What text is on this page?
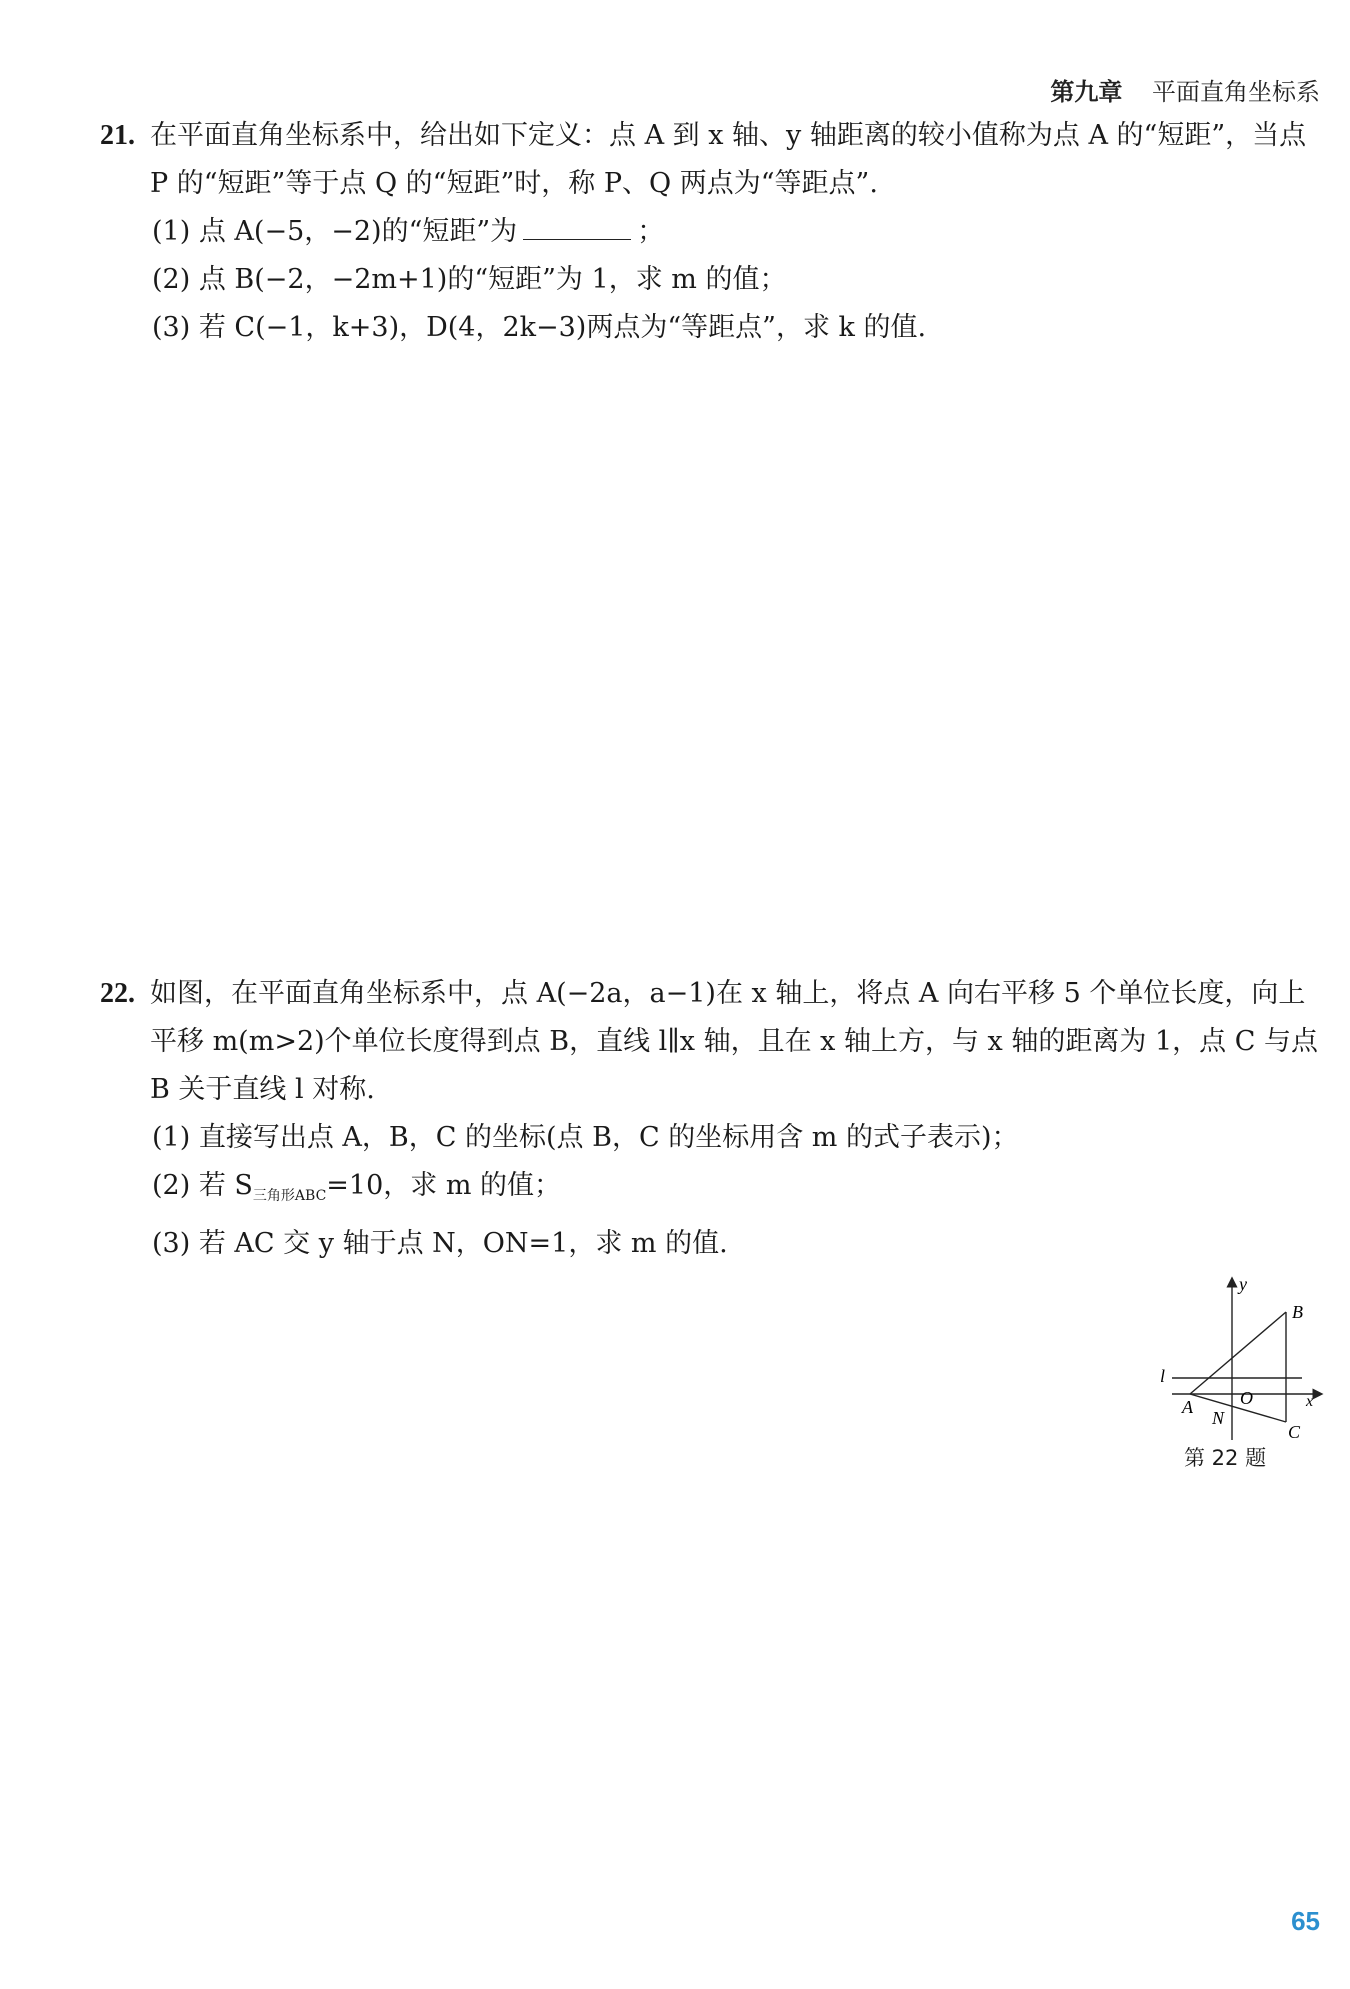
第九章 平面直角坐标系
21. 在平面直角坐标系中，给出如下定义：点 A 到 x 轴、y 轴距离的较小值称为点 A 的“短距”，当点
P 的“短距”等于点 Q 的“短距”时，称 P、Q 两点为“等距点”.
(1) 点 A(−5，−2)的“短距”为	；
(2) 点 B(−2，−2m+1)的“短距”为 1，求 m 的值；
(3) 若 C(−1，k+3)，D(4，2k−3)两点为“等距点”，求 k 的值.
22. 如图，在平面直角坐标系中，点 A(−2a，a−1)在 x 轴上，将点 A 向右平移 5 个单位长度，向上
平移 m(m>2)个单位长度得到点 B，直线 l∥x 轴，且在 x 轴上方，与 x 轴的距离为 1，点 C 与点
B 关于直线 l 对称.
(1) 直接写出点 A，B，C 的坐标(点 B，C 的坐标用含 m 的式子表示)；
(2) 若 $S_{三角形ABC}=10$，求 m 的值；
(3) 若 AC 交 y 轴于点 N，ON=1，求 m 的值.
y
B
l
O	x
A
N
C
第 22 题
65
